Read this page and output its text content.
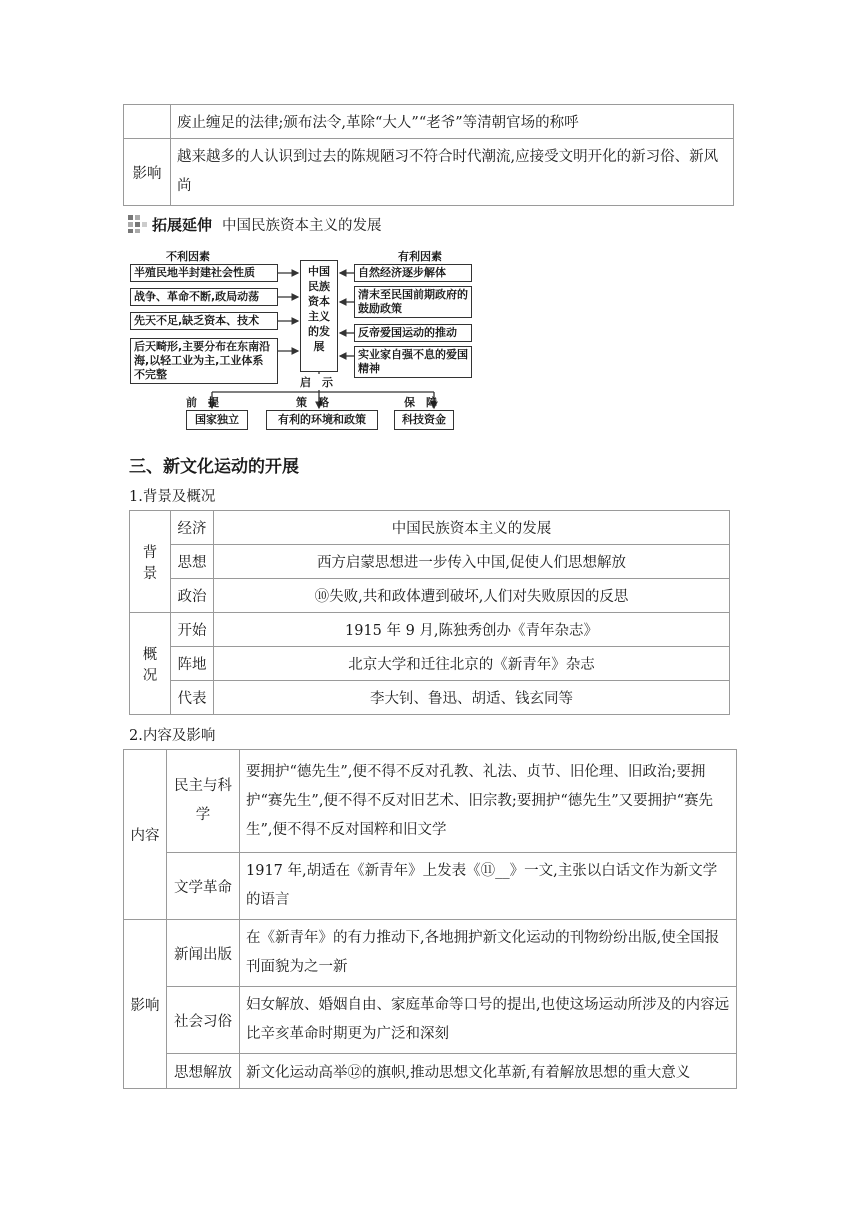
	废止缠足的法律;颁布法令,革除“大人”“老爷”等清朝官场的称呼
影响	越来越多的人认识到过去的陈规陋习不符合时代潮流,应接受文明开化的新习俗、新风尚
拓展延伸 中国民族资本主义的发展
不利因素	有利因素
半殖民地半封建社会性质
战争、革命不断,政局动荡
先天不足,缺乏资本、技术
后天畸形,主要分布在东南沿海,以轻工业为主,工业体系不完整
中国民族资本主义的发展
自然经济逐步解体
清末至民国前期政府的鼓励政策
反帝爱国运动的推动
实业家自强不息的爱国精神
启　示
前　提	策　略	保　障
国家独立	有利的环境和政策	科技资金
三、新文化运动的开展
1.背景及概况
背景	经济	中国民族资本主义的发展
	思想	西方启蒙思想进一步传入中国,促使人们思想解放
	政治	⑩失败,共和政体遭到破坏,人们对失败原因的反思
概况	开始	1915 年 9 月,陈独秀创办《青年杂志》
	阵地	北京大学和迁往北京的《新青年》杂志
	代表	李大钊、鲁迅、胡适、钱玄同等
2.内容及影响
内容	民主与科学	要拥护“德先生”,便不得不反对孔教、礼法、贞节、旧伦理、旧政治;要拥护“赛先生”,便不得不反对旧艺术、旧宗教;要拥护“德先生”又要拥护“赛先生”,便不得不反对国粹和旧文学
	文学革命	1917 年,胡适在《新青年》上发表《⑪__》一文,主张以白话文作为新文学的语言
影响	新闻出版	在《新青年》的有力推动下,各地拥护新文化运动的刊物纷纷出版,使全国报刊面貌为之一新
	社会习俗	妇女解放、婚姻自由、家庭革命等口号的提出,也使这场运动所涉及的内容远比辛亥革命时期更为广泛和深刻
	思想解放	新文化运动高举⑫的旗帜,推动思想文化革新,有着解放思想的重大意义
